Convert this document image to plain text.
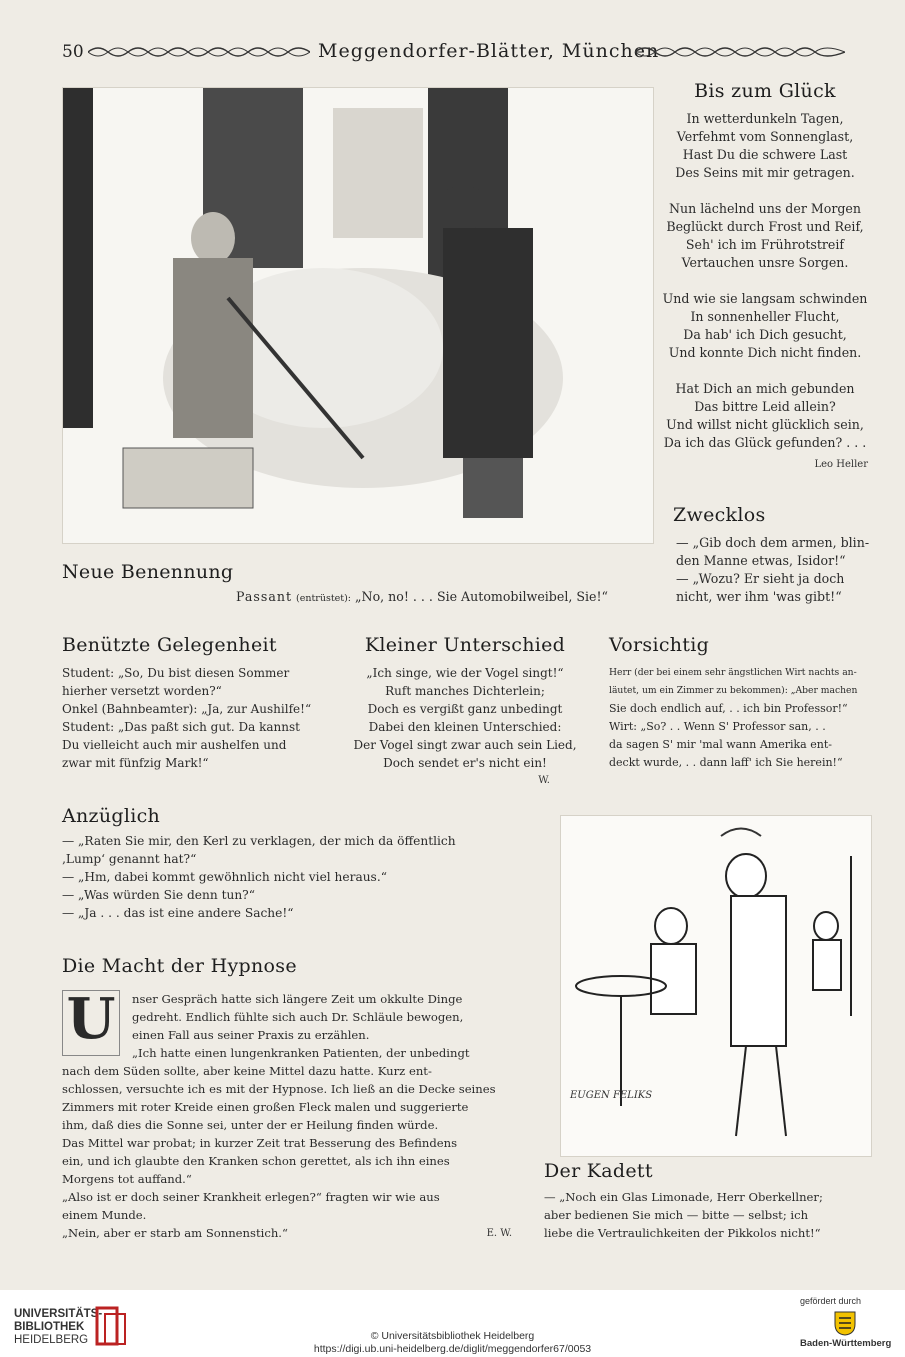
50	Meggendorfer-Blätter, München
Bis zum Glück
In wetterdunkeln Tagen,
Verfehmt vom Sonnenglast,
Hast Du die schwere Last
Des Seins mit mir getragen.
Nun lächelnd uns der Morgen
Beglückt durch Frost und Reif,
Seh' ich im Frührotstreif
Vertauchen unsre Sorgen.
Und wie sie langsam schwinden
In sonnenheller Flucht,
Da hab' ich Dich gesucht,
Und konnte Dich nicht finden.
Hat Dich an mich gebunden
Das bittre Leid allein?
Und willst nicht glücklich sein,
Da ich das Glück gefunden? . . .
Leo Heller
Zwecklos
— „Gib doch dem armen, blin-
den Manne etwas, Isidor!“
— „Wozu? Er sieht ja doch
nicht, wer ihm 'was gibt!“
Neue Benennung
Passant (entrüstet): „No, no! . . . Sie Automobilweibel, Sie!“
Benützte Gelegenheit
Student: „So, Du bist diesen Sommer
hierher versetzt worden?“
Onkel (Bahnbeamter): „Ja, zur Aushilfe!“
Student: „Das paßt sich gut. Da kannst
Du vielleicht auch mir aushelfen und
zwar mit fünfzig Mark!“
Kleiner Unterschied
„Ich singe, wie der Vogel singt!“
Ruft manches Dichterlein;
Doch es vergißt ganz unbedingt
Dabei den kleinen Unterschied:
Der Vogel singt zwar auch sein Lied,
Doch sendet er's nicht ein!
W.
Vorsichtig
Herr (der bei einem sehr ängstlichen Wirt nachts an-
läutet, um ein Zimmer zu bekommen): „Aber machen
Sie doch endlich auf, . . ich bin Professor!“
Wirt: „So? . . Wenn S' Professor san, . .
da sagen S' mir 'mal wann Amerika ent-
deckt wurde, . . dann laff' ich Sie herein!“
Anzüglich
— „Raten Sie mir, den Kerl zu verklagen, der mich da öffentlich
‚Lump‘ genannt hat?“
— „Hm, dabei kommt gewöhnlich nicht viel heraus.“
— „Was würden Sie denn tun?“
— „Ja . . . das ist eine andere Sache!“
Die Macht der Hypnose
U	nser Gespräch hatte sich längere Zeit um okkulte Dinge
gedreht. Endlich fühlte sich auch Dr. Schläule bewogen,
einen Fall aus seiner Praxis zu erzählen.
„Ich hatte einen lungenkranken Patienten, der unbedingt
nach dem Süden sollte, aber keine Mittel dazu hatte. Kurz ent-
schlossen, versuchte ich es mit der Hypnose. Ich ließ an die Decke seines
Zimmers mit roter Kreide einen großen Fleck malen und suggerierte
ihm, daß dies die Sonne sei, unter der er Heilung finden würde.
Das Mittel war probat; in kurzer Zeit trat Besserung des Befindens
ein, und ich glaubte den Kranken schon gerettet, als ich ihn eines
Morgens tot auffand.“
„Also ist er doch seiner Krankheit erlegen?“ fragten wir wie aus
einem Munde.
„Nein, aber er starb am Sonnenstich.“	E. W.
EUGEN FELIKS
Der Kadett
— „Noch ein Glas Limonade, Herr Oberkellner;
aber bedienen Sie mich — bitte — selbst; ich
liebe die Vertraulichkeiten der Pikkolos nicht!“
UNIVERSITÄTS-
BIBLIOTHEK
HEIDELBERG	© Universitätsbibliothek Heidelberg
https://digi.ub.uni-heidelberg.de/diglit/meggendorfer67/0053
gefördert durch
Baden-Württemberg
